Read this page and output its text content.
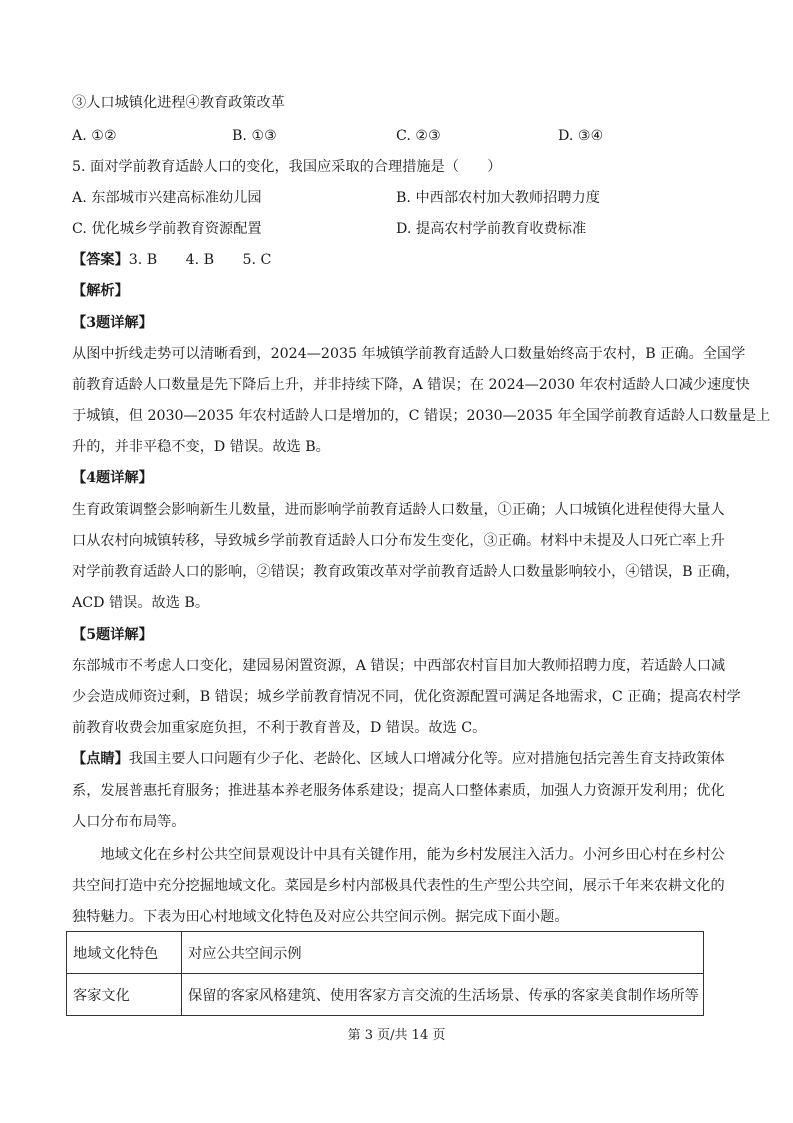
③人口城镇化进程④教育政策改革
A. ①②	B. ①③	C. ②③	D. ③④
5. 面对学前教育适龄人口的变化，我国应采取的合理措施是（　　）
A. 东部城市兴建高标准幼儿园	B. 中西部农村加大教师招聘力度
C. 优化城乡学前教育资源配置	D. 提高农村学前教育收费标准
【答案】3. B　　4. B　　5. C
【解析】
【3题详解】
从图中折线走势可以清晰看到，2024—2035 年城镇学前教育适龄人口数量始终高于农村，B 正确。全国学
前教育适龄人口数量是先下降后上升，并非持续下降，A 错误；在 2024—2030 年农村适龄人口减少速度快
于城镇，但 2030—2035 年农村适龄人口是增加的，C 错误；2030—2035 年全国学前教育适龄人口数量是上
升的，并非平稳不变，D 错误。故选 B。
【4题详解】
生育政策调整会影响新生儿数量，进而影响学前教育适龄人口数量，①正确；人口城镇化进程使得大量人
口从农村向城镇转移，导致城乡学前教育适龄人口分布发生变化，③正确。材料中未提及人口死亡率上升
对学前教育适龄人口的影响，②错误；教育政策改革对学前教育适龄人口数量影响较小，④错误，B 正确，
ACD 错误。故选 B。
【5题详解】
东部城市不考虑人口变化，建园易闲置资源，A 错误；中西部农村盲目加大教师招聘力度，若适龄人口减
少会造成师资过剩，B 错误；城乡学前教育情况不同，优化资源配置可满足各地需求，C 正确；提高农村学
前教育收费会加重家庭负担，不利于教育普及，D 错误。故选 C。
【点睛】我国主要人口问题有少子化、老龄化、区域人口增减分化等。应对措施包括完善生育支持政策体
系，发展普惠托育服务；推进基本养老服务体系建设；提高人口整体素质，加强人力资源开发利用；优化
人口分布布局等。
　　地域文化在乡村公共空间景观设计中具有关键作用，能为乡村发展注入活力。小河乡田心村在乡村公
共空间打造中充分挖掘地域文化。菜园是乡村内部极具代表性的生产型公共空间，展示千年来农耕文化的
独特魅力。下表为田心村地域文化特色及对应公共空间示例。据完成下面小题。
地域文化特色	对应公共空间示例
客家文化	保留的客家风格建筑、使用客家方言交流的生活场景、传承的客家美食制作场所等
第 3 页/共 14 页
